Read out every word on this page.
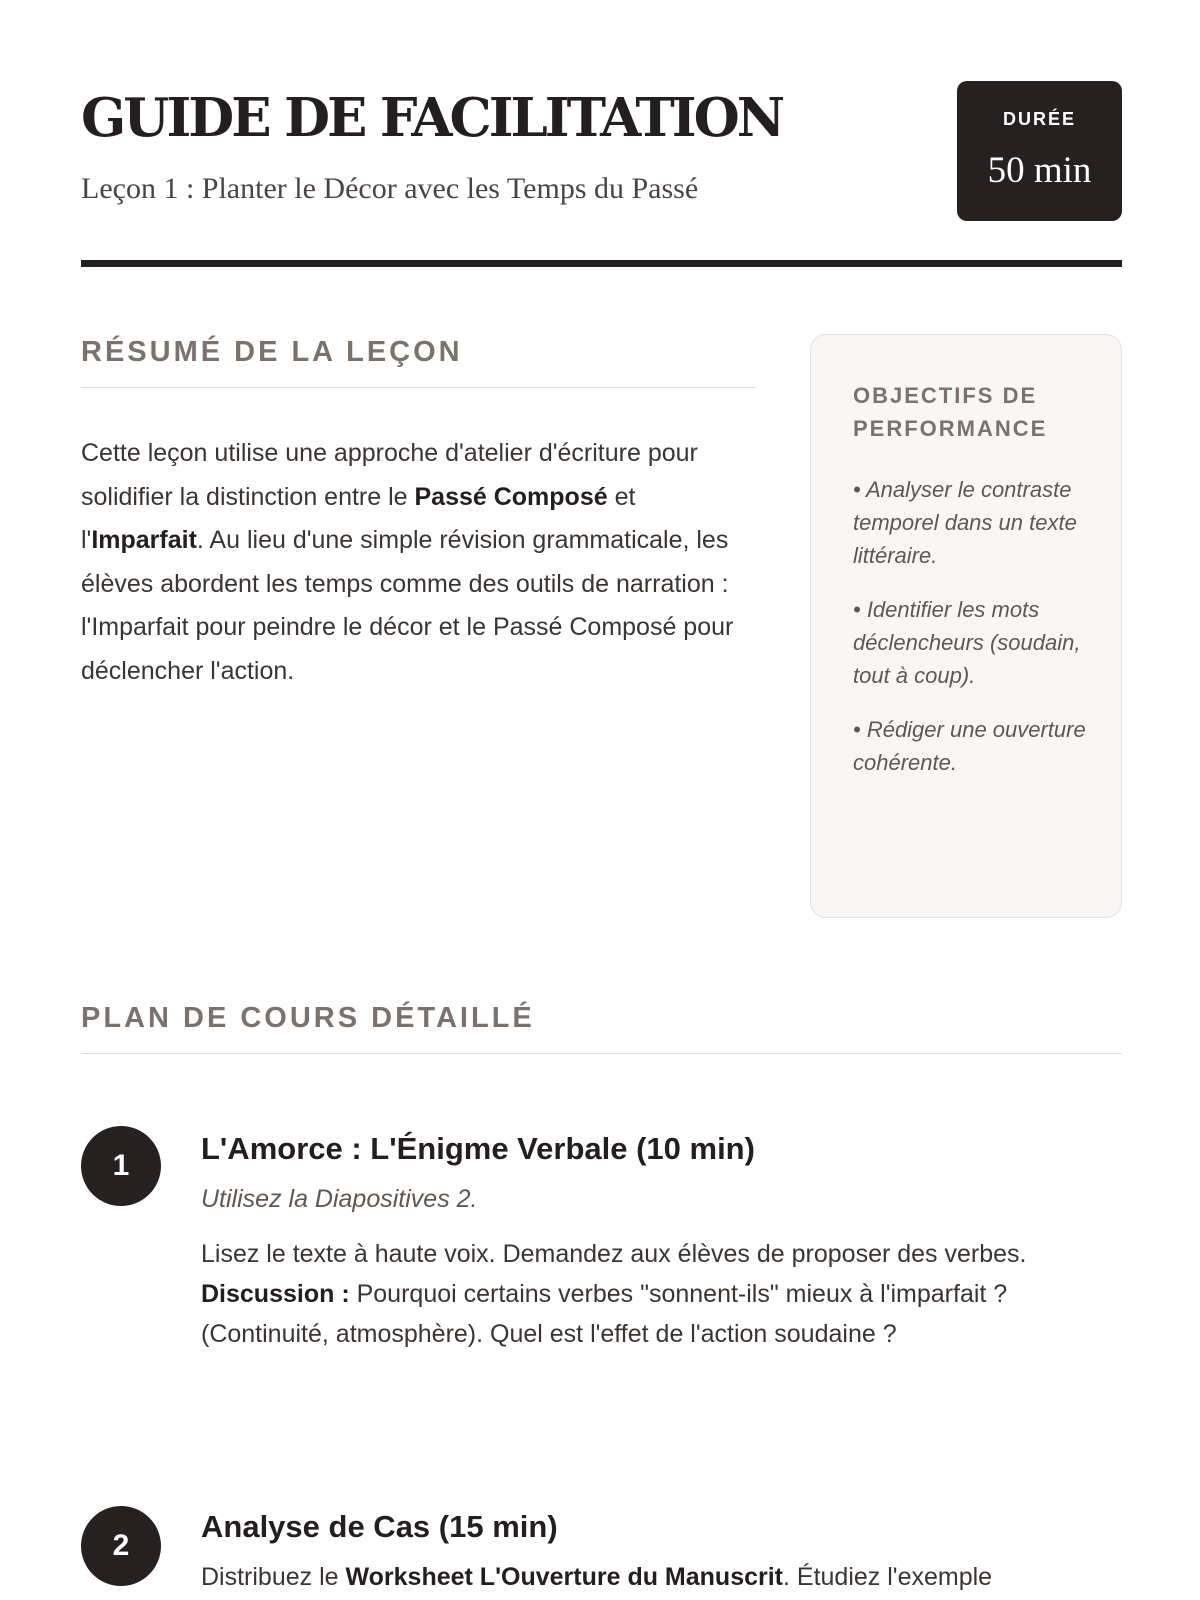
GUIDE DE FACILITATION
Leçon 1 : Planter le Décor avec les Temps du Passé
DURÉE
50 min
RÉSUMÉ DE LA LEÇON

Cette leçon utilise une approche d'atelier d'écriture pour solidifier la distinction entre le Passé Composé et l'Imparfait. Au lieu d'une simple révision grammaticale, les élèves abordent les temps comme des outils de narration : l'Imparfait pour peindre le décor et le Passé Composé pour déclencher l'action.

OBJECTIFS DE PERFORMANCE
• Analyser le contraste temporel dans un texte littéraire.
• Identifier les mots déclencheurs (soudain, tout à coup).
• Rédiger une ouverture cohérente.
PLAN DE COURS DÉTAILLÉ
1	L'Amorce : L'Énigme Verbale (10 min)

Utilisez la Diapositives 2.

Lisez le texte à haute voix. Demandez aux élèves de proposer des verbes. Discussion : Pourquoi certains verbes "sonnent-ils" mieux à l'imparfait ? (Continuité, atmosphère). Quel est l'effet de l'action soudaine ?

2
Analyse de Cas (15 min)

Distribuez le Worksheet L'Ouverture du Manuscrit. Étudiez l'exemple
